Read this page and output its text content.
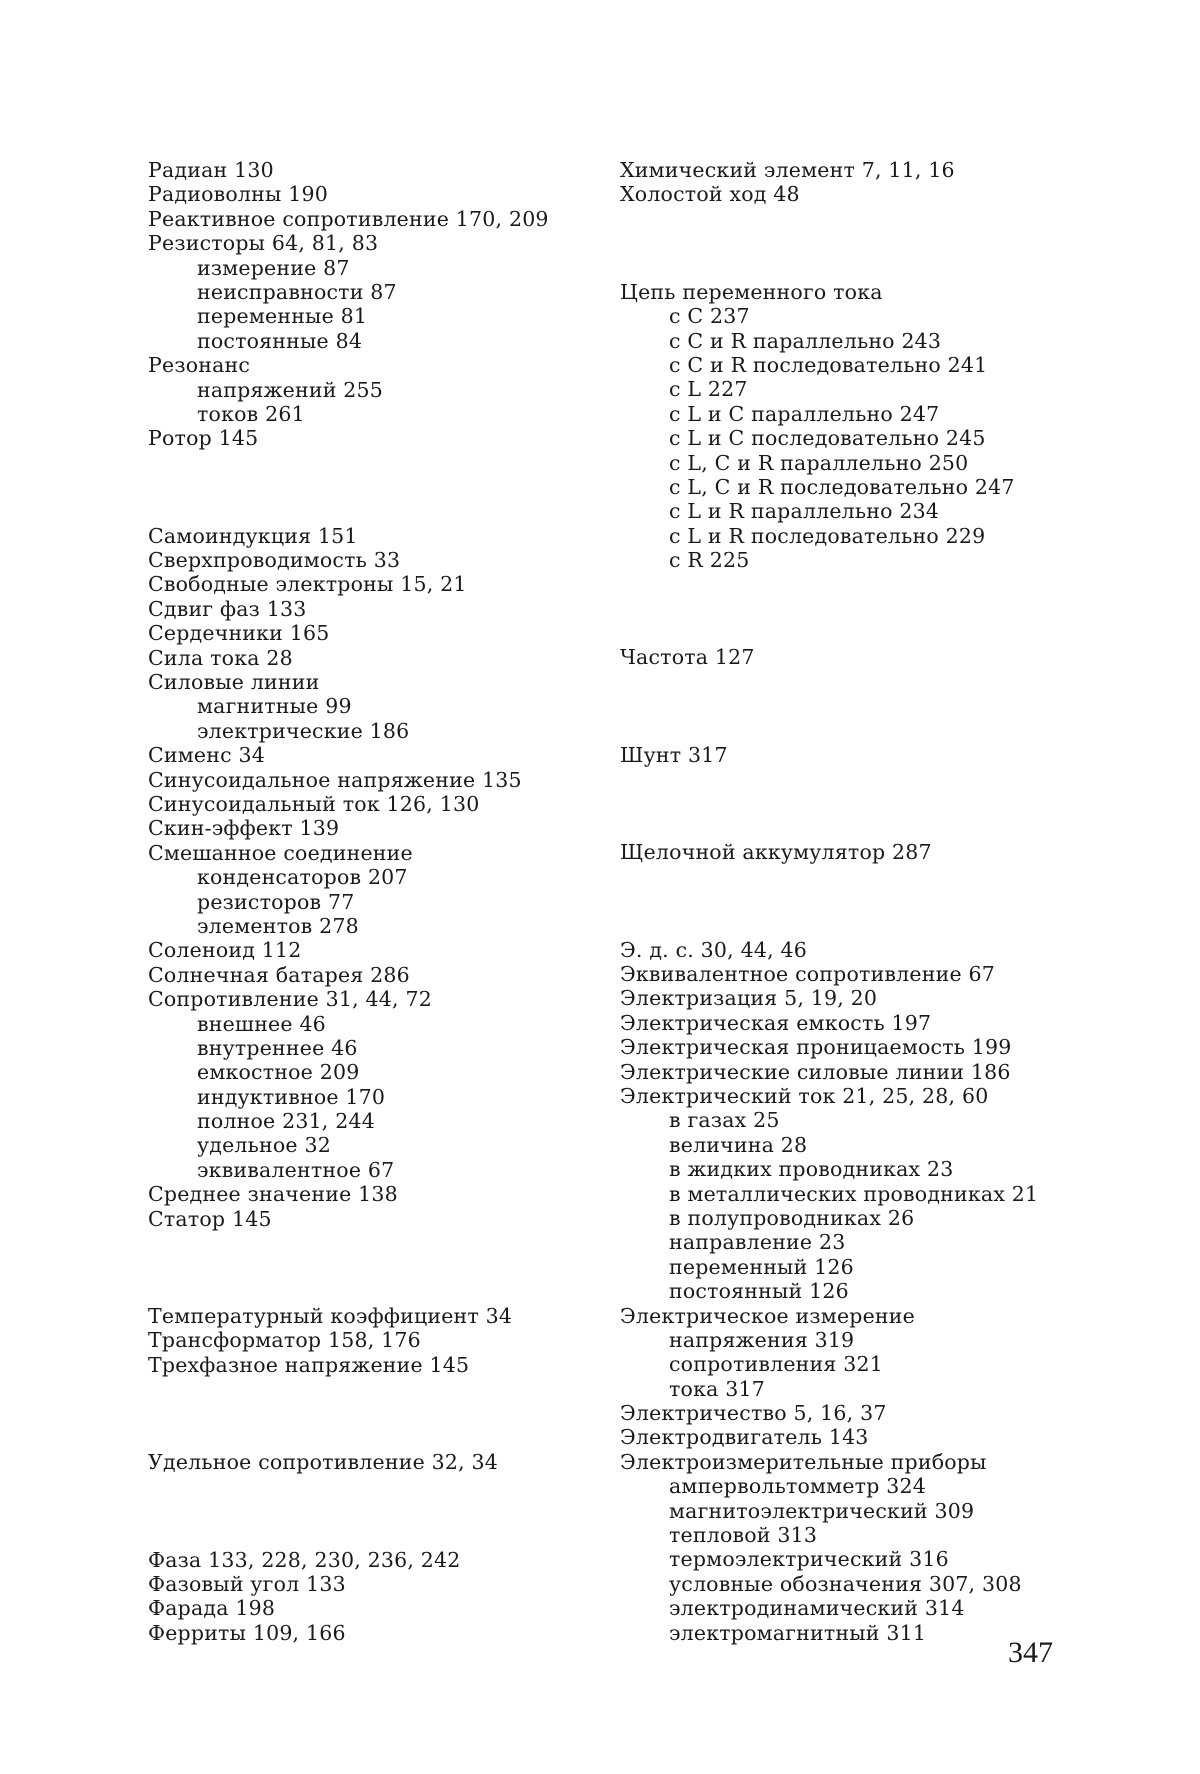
Радиан 130
Радиоволны 190
Реактивное сопротивление 170, 209
Резисторы 64, 81, 83
измерение 87
неисправности 87
переменные 81
постоянные 84
Резонанс
напряжений 255
токов 261
Ротор 145
Самоиндукция 151
Сверхпроводимость 33
Свободные электроны 15, 21
Сдвиг фаз 133
Сердечники 165
Сила тока 28
Силовые линии
магнитные 99
электрические 186
Сименс 34
Синусоидальное напряжение 135
Синусоидальный ток 126, 130
Скин-эффект 139
Смешанное соединение
конденсаторов 207
резисторов 77
элементов 278
Соленоид 112
Солнечная батарея 286
Сопротивление 31, 44, 72
внешнее 46
внутреннее 46
емкостное 209
индуктивное 170
полное 231, 244
удельное 32
эквивалентное 67
Среднее значение 138
Статор 145
Температурный коэффициент 34
Трансформатор 158, 176
Трехфазное напряжение 145
Удельное сопротивление 32, 34
Фаза 133, 228, 230, 236, 242
Фазовый угол 133
Фарада 198
Ферриты 109, 166
Химический элемент 7, 11, 16
Холостой ход 48
Цепь переменного тока
с C 237
с C и R параллельно 243
с C и R последовательно 241
с L 227
с L и C параллельно 247
с L и C последовательно 245
с L, C и R параллельно 250
с L, C и R последовательно 247
с L и R параллельно 234
с L и R последовательно 229
с R 225
Частота 127
Шунт 317
Щелочной аккумулятор 287
Э. д. с. 30, 44, 46
Эквивалентное сопротивление 67
Электризация 5, 19, 20
Электрическая емкость 197
Электрическая проницаемость 199
Электрические силовые линии 186
Электрический ток 21, 25, 28, 60
в газах 25
величина 28
в жидких проводниках 23
в металлических проводниках 21
в полупроводниках 26
направление 23
переменный 126
постоянный 126
Электрическое измерение
напряжения 319
сопротивления 321
тока 317
Электричество 5, 16, 37
Электродвигатель 143
Электроизмерительные приборы
ампервольтомметр 324
магнитоэлектрический 309
тепловой 313
термоэлектрический 316
условные обозначения 307, 308
электродинамический 314
электромагнитный 311
347
